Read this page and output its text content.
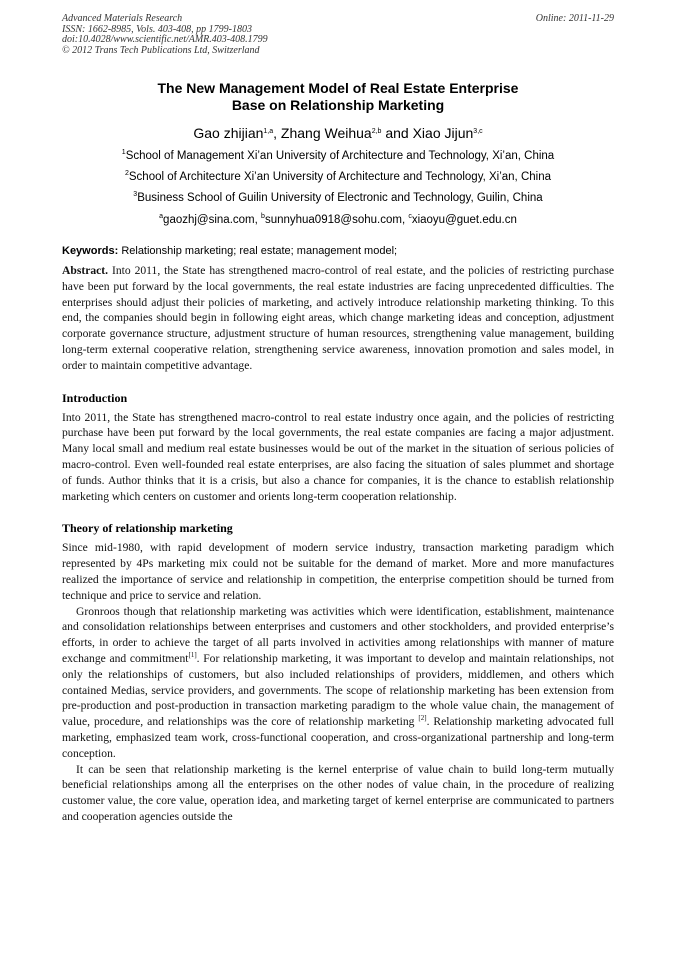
Advanced Materials Research
ISSN: 1662-8985, Vols. 403-408, pp 1799-1803
doi:10.4028/www.scientific.net/AMR.403-408.1799
© 2012 Trans Tech Publications Ltd, Switzerland
Online: 2011-11-29
The New Management Model of Real Estate Enterprise
Base on Relationship Marketing
Gao zhijian$^{1,a}$, Zhang Weihua$^{2,b}$ and Xiao Jijun$^{3,c}$
$^1$School of Management Xi’an University of Architecture and Technology, Xi’an, China
$^2$School of Architecture Xi’an University of Architecture and Technology, Xi’an, China
$^3$Business School of Guilin University of Electronic and Technology, Guilin, China
$^a$gaozhj@sina.com, $^b$sunnyhua0918@sohu.com, $^c$xiaoyu@guet.edu.cn
Keywords: Relationship marketing; real estate; management model;

Abstract. Into 2011, the State has strengthened macro-control of real estate, and the policies of restricting purchase have been put forward by the local governments, the real estate industries are facing unprecedented difficulties. The enterprises should adjust their policies of marketing, and actively introduce relationship marketing thinking. To this end, the companies should begin in following eight areas, which change marketing ideas and conception, adjustment corporate governance structure, adjustment structure of human resources, strengthening value management, building long-term external cooperative relation, strengthening service awareness, innovation promotion and sales model, in order to maintain competitive advantage.

Introduction

Into 2011, the State has strengthened macro-control to real estate industry once again, and the policies of restricting purchase have been put forward by the local governments, the real estate companies are facing a major adjustment. Many local small and medium real estate businesses would be out of the market in the situation of serious policies of macro-control. Even well-founded real estate enterprises, are also facing the situation of sales plummet and shortage of funds. Author thinks that it is a crisis, but also a chance for companies, it is the chance to establish relationship marketing which centers on customer and orients long-term cooperation relationship.

Theory of relationship marketing

Since mid-1980, with rapid development of modern service industry, transaction marketing paradigm which represented by 4Ps marketing mix could not be suitable for the demand of market. More and more manufactures realized the importance of service and relationship in competition, the enterprise competition should be turned from technique and price to service and relation.

Gronroos though that relationship marketing was activities which were identification, establishment, maintenance and consolidation relationships between enterprises and customers and other stockholders, and provided enterprise’s efforts, in order to achieve the target of all parts involved in activities among relationships with manner of mature exchange and commitment[1]. For relationship marketing, it was important to develop and maintain relationships, not only the relationships of customers, but also included relationships of providers, middlemen, and others which contained Medias, service providers, and governments. The scope of relationship marketing has been extension from pre-production and post-production in transaction marketing paradigm to the whole value chain, the management of value, procedure, and relationships was the core of relationship marketing [2]. Relationship marketing advocated full marketing, emphasized team work, cross-functional cooperation, and cross-organizational partnership and long-term conception.

It can be seen that relationship marketing is the kernel enterprise of value chain to build long-term mutually beneficial relationships among all the enterprises on the other nodes of value chain, in the procedure of realizing customer value, the core value, operation idea, and marketing target of kernel enterprise are communicated to partners and cooperation agencies outside the
